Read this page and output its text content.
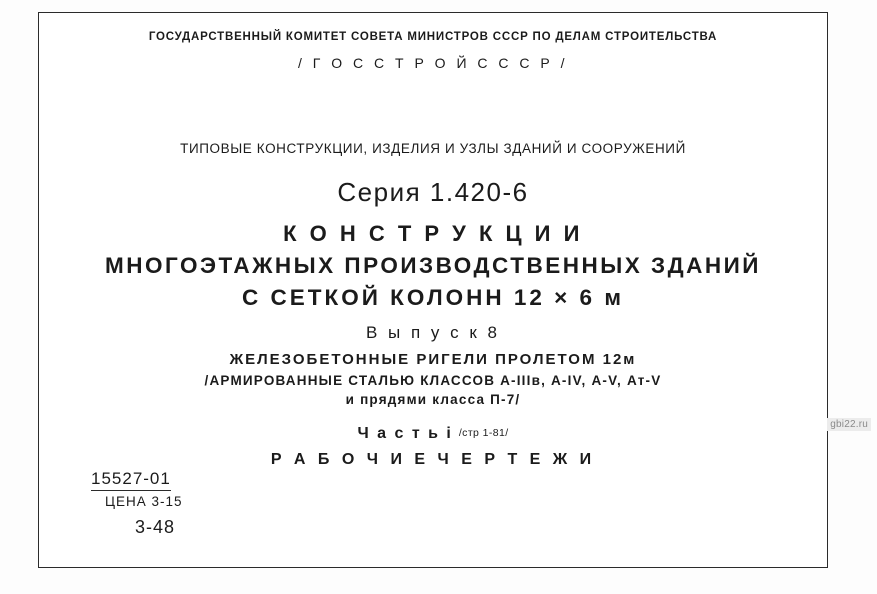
ГОСУДАРСТВЕННЫЙ КОМИТЕТ СОВЕТА МИНИСТРОВ СССР ПО ДЕЛАМ СТРОИТЕЛЬСТВА
/ Г О С С Т Р О Й С С С Р /
ТИПОВЫЕ КОНСТРУКЦИИ, ИЗДЕЛИЯ И УЗЛЫ ЗДАНИЙ И СООРУЖЕНИЙ
Серия 1.420-6
К О Н С Т Р У К Ц И И
МНОГОЭТАЖНЫХ ПРОИЗВОДСТВЕННЫХ ЗДАНИЙ
С СЕТКОЙ КОЛОНН 12 × 6 м
В ы п у с к 8
ЖЕЛЕЗОБЕТОННЫЕ РИГЕЛИ ПРОЛЕТОМ 12м
/АРМИРОВАННЫЕ СТАЛЬЮ КЛАССОВ А-IIIв, А-IV, А-V, Ат-V
и прядями класса П-7/
Ч а с т ь i /стр 1-81/
Р А Б О Ч И Е Ч Е Р Т Е Ж И
15527-01
ЦЕНА 3-15
3-48
gbi22.ru
